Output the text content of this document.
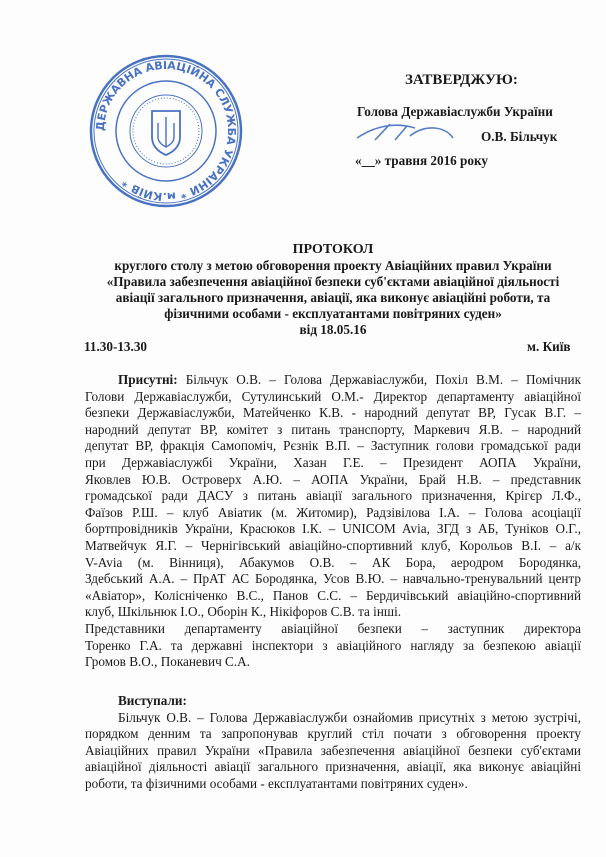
ДЕРЖАВНА АВІАЦІЙНА СЛУЖБА УКРАЇНИ * м.КИЇВ *
ЗАТВЕРДЖУЮ:
Голова Державіаслужби України
О.В. Більчук
«__» травня 2016 року
ПРОТОКОЛ
круглого столу з метою обговорення проекту Авіаційних правил України
«Правила забезпечення авіаційної безпеки суб'єктами авіаційної діяльності
авіації загального призначення, авіації, яка виконує авіаційні роботи, та
фізичними особами - експлуатантами повітряних суден»
від 18.05.16
11.30-13.30	м. Київ
Присутні: Більчук О.В. – Голова Державіаслужби, Похіл В.М. – Помічник
Голови Державіаслужби, Сутулинський О.М.- Директор департаменту авіаційної
безпеки Державіаслужби, Матейченко К.В. - народний депутат ВР, Гусак В.Г. –
народний депутат ВР, комітет з питань транспорту, Маркевич Я.В. – народний
депутат ВР, фракція Самопоміч, Рєзнік В.П. – Заступник голови громадської ради
при Державіаслужбі України, Хазан Г.Е. – Президент АОПА України,
Яковлев Ю.В. Островерх А.Ю. – АОПА України, Брай Н.В. – представник
громадської ради ДАСУ з питань авіації загального призначення, Крігєр Л.Ф.,
Фаїзов Р.Ш. – клуб Авіатик (м. Житомир), Радзівілова І.А. – Голова асоціації
бортпровідників України, Красюков І.К. – UNICOM Avia, ЗГД з АБ, Туніков О.Г.,
Матвейчук Я.Г. – Чернігівський авіаційно-спортивний клуб, Корольов В.І. – а/к
V-Avia (м. Вінниця), Абакумов О.В. – АК Бора, аеродром Бородянка,
Здебський А.А. – ПрАТ АС Бородянка, Усов В.Ю. – навчально-тренувальний центр
«Авіатор», Колісніченко В.С., Панов С.С. – Бердичівський авіаційно-спортивний
клуб, Шкільнюк І.О., Оборін К., Нікіфоров С.В. та інші.
Представники департаменту авіаційної безпеки – заступник директора
Торенко Г.А. та державні інспектори з авіаційного нагляду за безпекою авіації
Громов В.О., Поканевич С.А.
Виступали:
Більчук О.В. – Голова Державіаслужби ознайомив присутніх з метою зустрічі,
порядком денним та запропонував круглий стіл почати з обговорення проекту
Авіаційних правил України «Правила забезпечення авіаційної безпеки суб'єктами
авіаційної діяльності авіації загального призначення, авіації, яка виконує авіаційні
роботи, та фізичними особами - експлуатантами повітряних суден».
